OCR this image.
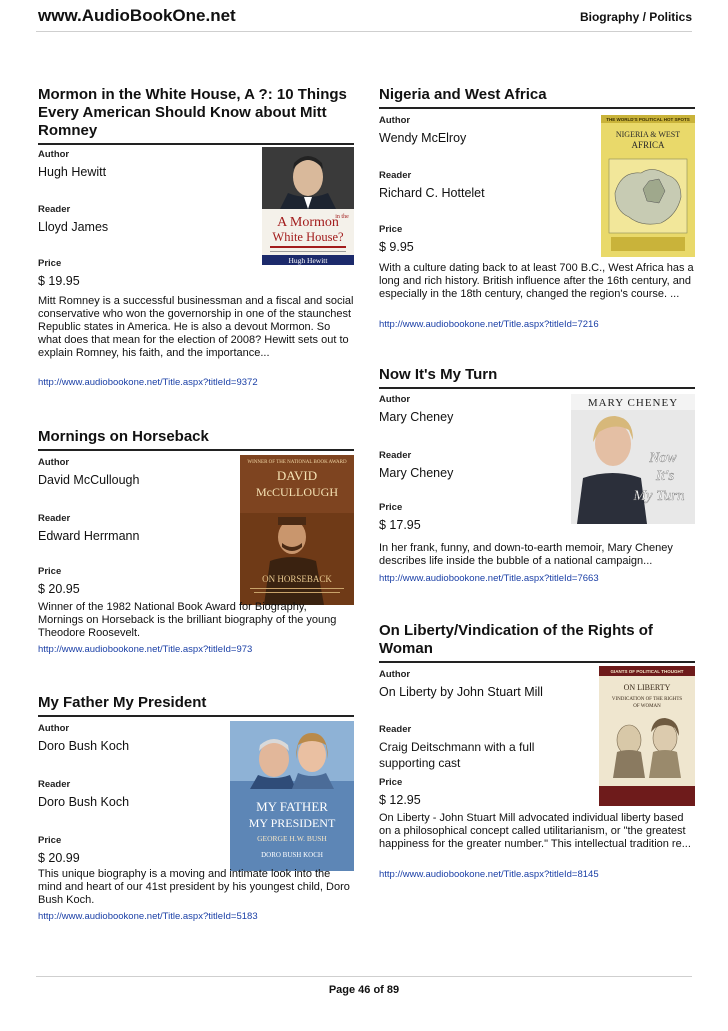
www.AudioBookOne.net	Biography / Politics
Mormon in the White House, A ?: 10 Things Every American Should Know about Mitt Romney
Author
Hugh Hewitt
Reader
Lloyd James
Price
$ 19.95
A Mormon
in the
White House?
Hugh Hewitt
Mitt Romney is a successful businessman and a fiscal and social conservative who won the governorship in one of the staunchest Republic states in America. He is also a devout Mormon. So what does that mean for the election of 2008? Hewitt sets out to explain Romney, his faith, and the importance...
http://www.audiobookone.net/Title.aspx?titleId=9372
Mornings on Horseback
Author
David McCullough
Reader
Edward Herrmann
Price
$ 20.95
WINNER OF THE NATIONAL BOOK AWARD
DAVID
McCULLOUGH
ON HORSEBACK
Winner of the 1982 National Book Award for Biography, Mornings on Horseback is the brilliant biography of the young Theodore Roosevelt.
http://www.audiobookone.net/Title.aspx?titleId=973
My Father My President
Author
Doro Bush Koch
Reader
Doro Bush Koch
Price
$ 20.99
MY FATHER
MY PRESIDENT
GEORGE H.W. BUSH
DORO BUSH KOCH
This unique biography is a moving and intimate look into the mind and heart of our 41st president by his youngest child, Doro Bush Koch.
http://www.audiobookone.net/Title.aspx?titleId=5183
Nigeria and West Africa
Author
Wendy McElroy
Reader
Richard C. Hottelet
Price
$ 9.95
THE WORLD'S POLITICAL HOT SPOTS
NIGERIA & WEST
AFRICA
With a culture dating back to at least 700 B.C., West Africa has a long and rich history. British influence after the 16th century, and especially in the 18th century, changed the region's course. ...
http://www.audiobookone.net/Title.aspx?titleId=7216
Now It's My Turn
Author
Mary Cheney
Reader
Mary Cheney
Price
$ 17.95
MARY CHENEY
Now
It's
My Turn
In her frank, funny, and down-to-earth memoir, Mary Cheney describes life inside the bubble of a national campaign...
http://www.audiobookone.net/Title.aspx?titleId=7663
On Liberty/Vindication of the Rights of Woman
Author
On Liberty by John Stuart Mill
Reader
Craig Deitschmann with a full supporting cast
Price
$ 12.95
GIANTS OF POLITICAL THOUGHT
ON LIBERTY
VINDICATION OF THE RIGHTS
OF WOMAN
On Liberty - John Stuart Mill advocated individual liberty based on a philosophical concept called utilitarianism, or "the greatest happiness for the greater number." This intellectual tradition re...
http://www.audiobookone.net/Title.aspx?titleId=8145
Page 46 of 89
